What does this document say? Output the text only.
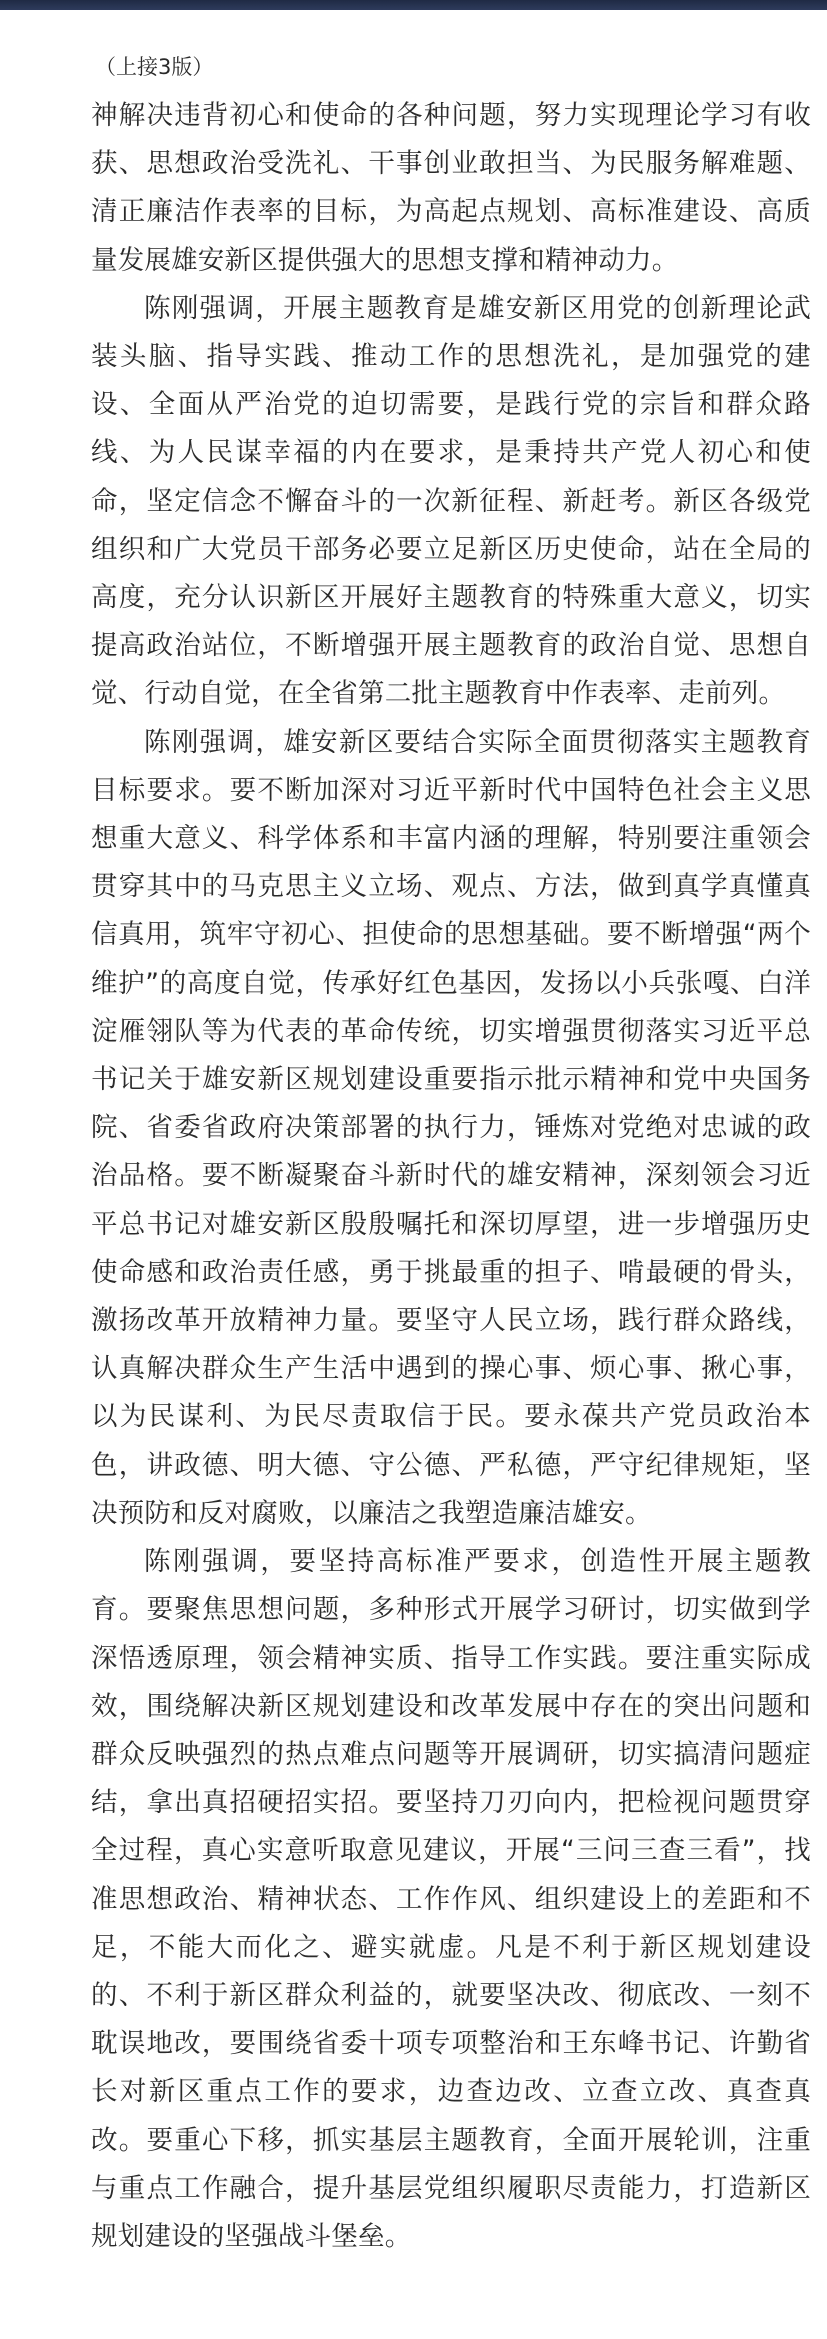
（上接3版）

神解决违背初心和使命的各种问题，努力实现理论学习有收获、思想政治受洗礼、干事创业敢担当、为民服务解难题、清正廉洁作表率的目标，为高起点规划、高标准建设、高质量发展雄安新区提供强大的思想支撑和精神动力。

陈刚强调，开展主题教育是雄安新区用党的创新理论武装头脑、指导实践、推动工作的思想洗礼，是加强党的建设、全面从严治党的迫切需要，是践行党的宗旨和群众路线、为人民谋幸福的内在要求，是秉持共产党人初心和使命，坚定信念不懈奋斗的一次新征程、新赶考。新区各级党组织和广大党员干部务必要立足新区历史使命，站在全局的高度，充分认识新区开展好主题教育的特殊重大意义，切实提高政治站位，不断增强开展主题教育的政治自觉、思想自觉、行动自觉，在全省第二批主题教育中作表率、走前列。

陈刚强调，雄安新区要结合实际全面贯彻落实主题教育目标要求。要不断加深对习近平新时代中国特色社会主义思想重大意义、科学体系和丰富内涵的理解，特别要注重领会贯穿其中的马克思主义立场、观点、方法，做到真学真懂真信真用，筑牢守初心、担使命的思想基础。要不断增强“两个维护”的高度自觉，传承好红色基因，发扬以小兵张嘎、白洋淀雁翎队等为代表的革命传统，切实增强贯彻落实习近平总书记关于雄安新区规划建设重要指示批示精神和党中央国务院、省委省政府决策部署的执行力，锤炼对党绝对忠诚的政治品格。要不断凝聚奋斗新时代的雄安精神，深刻领会习近平总书记对雄安新区殷殷嘱托和深切厚望，进一步增强历史使命感和政治责任感，勇于挑最重的担子、啃最硬的骨头，激扬改革开放精神力量。要坚守人民立场，践行群众路线，认真解决群众生产生活中遇到的操心事、烦心事、揪心事，以为民谋利、为民尽责取信于民。要永葆共产党员政治本色，讲政德、明大德、守公德、严私德，严守纪律规矩，坚决预防和反对腐败，以廉洁之我塑造廉洁雄安。

陈刚强调，要坚持高标准严要求，创造性开展主题教育。要聚焦思想问题，多种形式开展学习研讨，切实做到学深悟透原理，领会精神实质、指导工作实践。要注重实际成效，围绕解决新区规划建设和改革发展中存在的突出问题和群众反映强烈的热点难点问题等开展调研，切实搞清问题症结，拿出真招硬招实招。要坚持刀刃向内，把检视问题贯穿全过程，真心实意听取意见建议，开展“三问三查三看”，找准思想政治、精神状态、工作作风、组织建设上的差距和不足，不能大而化之、避实就虚。凡是不利于新区规划建设的、不利于新区群众利益的，就要坚决改、彻底改、一刻不耽误地改，要围绕省委十项专项整治和王东峰书记、许勤省长对新区重点工作的要求，边查边改、立查立改、真查真改。要重心下移，抓实基层主题教育，全面开展轮训，注重与重点工作融合，提升基层党组织履职尽责能力，打造新区规划建设的坚强战斗堡垒。
